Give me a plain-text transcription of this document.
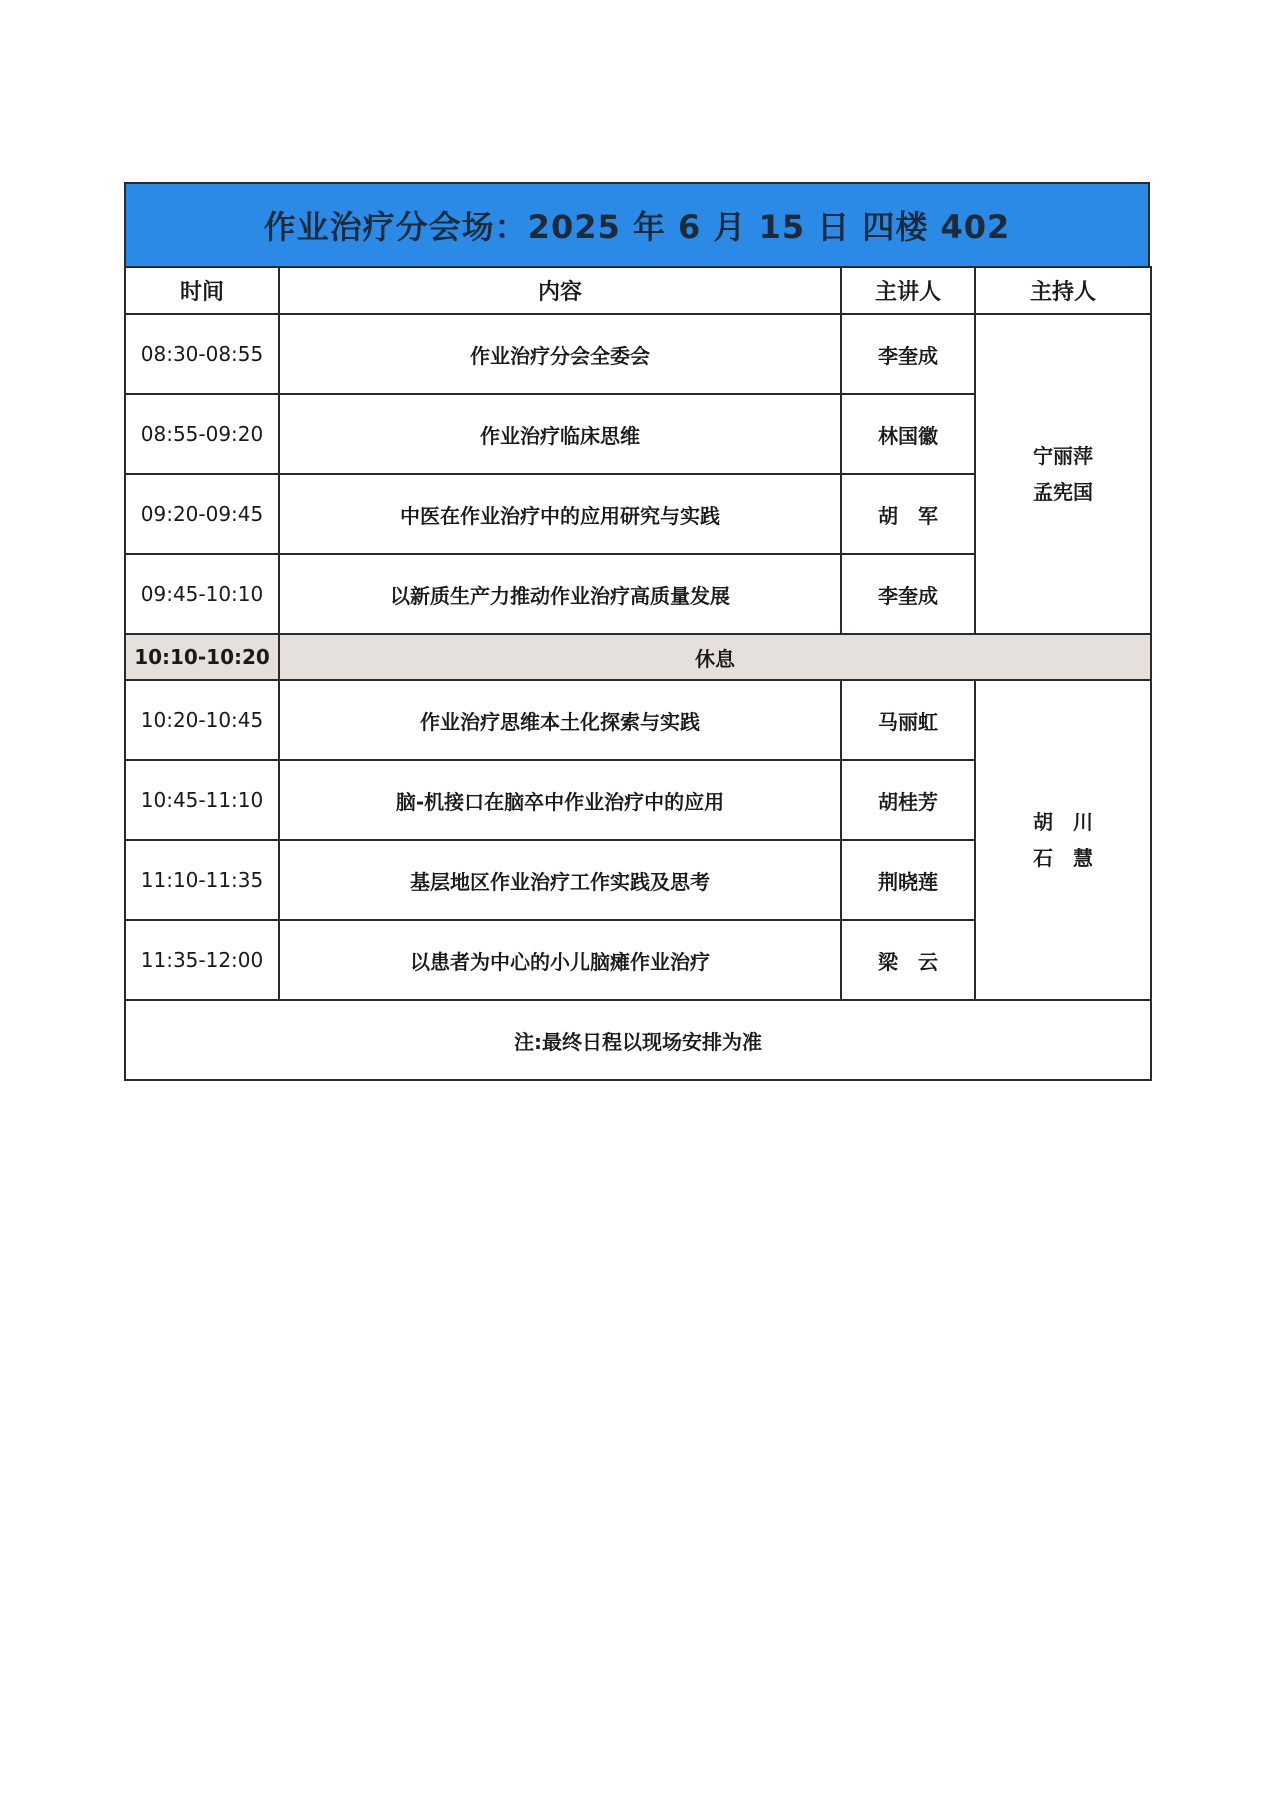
作业治疗分会场：2025 年 6 月 15 日 四楼 402
时间	内容	主讲人	主持人
08:30-08:55	作业治疗分会全委会	李奎成	宁丽萍
孟宪国

08:55-09:20	作业治疗临床思维	林国徽	
09:20-09:45	中医在作业治疗中的应用研究与实践	胡　军	
09:45-10:10	以新质生产力推动作业治疗高质量发展	李奎成	
10:10-10:20	休息		
10:20-10:45	作业治疗思维本土化探索与实践	马丽虹	胡　川
石　慧

10:45-11:10	脑-机接口在脑卒中作业治疗中的应用	胡桂芳	
11:10-11:35	基层地区作业治疗工作实践及思考	荆晓莲	
11:35-12:00	以患者为中心的小儿脑瘫作业治疗	梁　云	
注:最终日程以现场安排为准			
